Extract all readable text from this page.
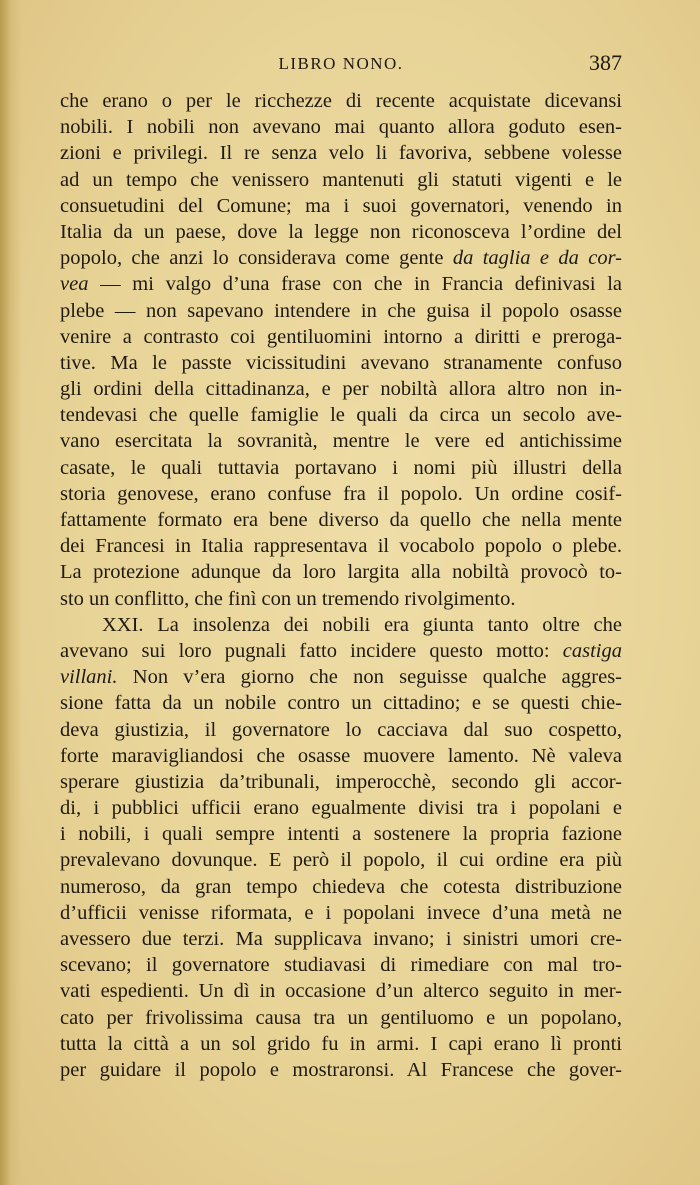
LIBRO NONO.	387
che erano o per le ricchezze di recente acquistate dicevansi
nobili. I nobili non avevano mai quanto allora goduto esen-
zioni e privilegi. Il re senza velo li favoriva, sebbene volesse
ad un tempo che venissero mantenuti gli statuti vigenti e le
consuetudini del Comune; ma i suoi governatori, venendo in
Italia da un paese, dove la legge non riconosceva l’ordine del
popolo, che anzi lo considerava come gente da taglia e da cor-
vea — mi valgo d’una frase con che in Francia definivasi la
plebe — non sapevano intendere in che guisa il popolo osasse
venire a contrasto coi gentiluomini intorno a diritti e preroga-
tive. Ma le passte vicissitudini avevano stranamente confuso
gli ordini della cittadinanza, e per nobiltà allora altro non in-
tendevasi che quelle famiglie le quali da circa un secolo ave-
vano esercitata la sovranità, mentre le vere ed antichissime
casate, le quali tuttavia portavano i nomi più illustri della
storia genovese, erano confuse fra il popolo. Un ordine cosif-
fattamente formato era bene diverso da quello che nella mente
dei Francesi in Italia rappresentava il vocabolo popolo o plebe.
La protezione adunque da loro largita alla nobiltà provocò to-
sto un conflitto, che finì con un tremendo rivolgimento.
XXI. La insolenza dei nobili era giunta tanto oltre che
avevano sui loro pugnali fatto incidere questo motto: castiga
villani. Non v’era giorno che non seguisse qualche aggres-
sione fatta da un nobile contro un cittadino; e se questi chie-
deva giustizia, il governatore lo cacciava dal suo cospetto,
forte maravigliandosi che osasse muovere lamento. Nè valeva
sperare giustizia da’tribunali, imperocchè, secondo gli accor-
di, i pubblici ufficii erano egualmente divisi tra i popolani e
i nobili, i quali sempre intenti a sostenere la propria fazione
prevalevano dovunque. E però il popolo, il cui ordine era più
numeroso, da gran tempo chiedeva che cotesta distribuzione
d’ufficii venisse riformata, e i popolani invece d’una metà ne
avessero due terzi. Ma supplicava invano; i sinistri umori cre-
scevano; il governatore studiavasi di rimediare con mal tro-
vati espedienti. Un dì in occasione d’un alterco seguito in mer-
cato per frivolissima causa tra un gentiluomo e un popolano,
tutta la città a un sol grido fu in armi. I capi erano lì pronti
per guidare il popolo e mostraronsi. Al Francese che gover-
